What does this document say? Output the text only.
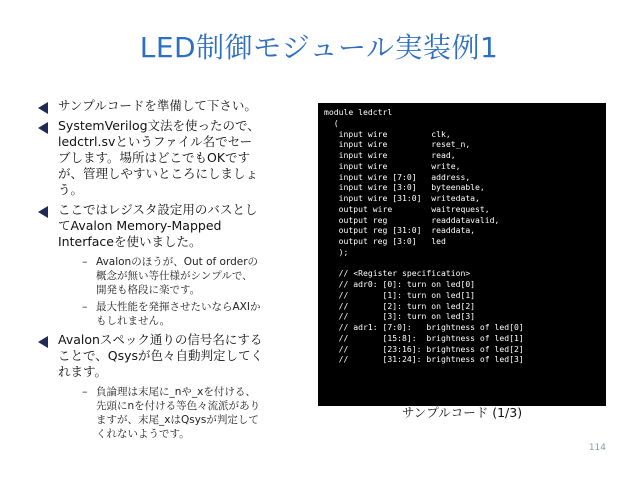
LED制御モジュール実装例1
サンプルコードを準備して下さい。
SystemVerilog文法を使ったので、
ledctrl.svというファイル名でセー
ブします。場所はどこでもOKです
が、管理しやすいところにしましょ
う。
ここではレジスタ設定用のバスとし
てAvalon Memory-Mapped
Interfaceを使いました。
– Avalonのほうが、Out of orderの
概念が無い等仕様がシンプルで、
開発も格段に楽です。
– 最大性能を発揮させたいならAXIか
もしれません。
Avalonスペック通りの信号名にする
ことで、Qsysが色々自動判定してく
れます。
– 負論理は末尾に_nや_xを付ける、
先頭にnを付ける等色々流派があり
ますが、末尾_xはQsysが判定して
くれないようです。
module ledctrl
(
input wire         clk,
input wire         reset_n,
input wire         read,
input wire         write,
input wire [7:0]   address,
input wire [3:0]   byteenable,
input wire [31:0]  writedata,
output wire        waitrequest,
output reg         readdatavalid,
output reg [31:0]  readdata,
output reg [3:0]   led
);

// <Register specification>
// adr0: [0]: turn on led[0]
//       [1]: turn on led[1]
//       [2]: turn on led[2]
//       [3]: turn on led[3]
// adr1: [7:0]:   brightness of led[0]
//       [15:8]:  brightness of led[1]
//       [23:16]: brightness of led[2]
//       [31:24]: brightness of led[3]
サンプルコード (1/3)
114
